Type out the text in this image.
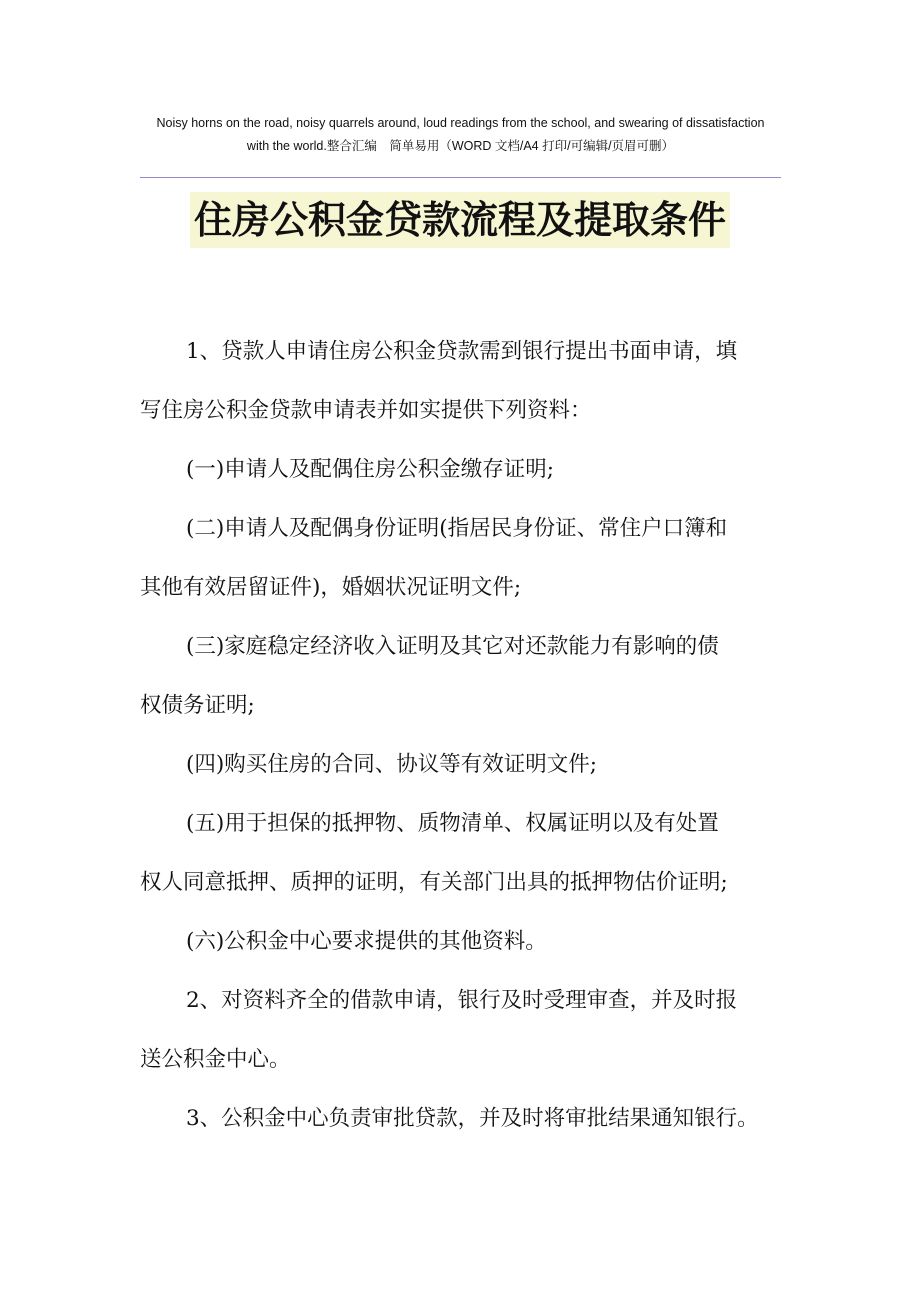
Noisy horns on the road, noisy quarrels around, loud readings from the school, and swearing of dissatisfaction
with the world.整合汇编　简单易用（WORD 文档/A4 打印/可编辑/页眉可删）
住房公积金贷款流程及提取条件
1、贷款人申请住房公积金贷款需到银行提出书面申请，填
写住房公积金贷款申请表并如实提供下列资料：
(一)申请人及配偶住房公积金缴存证明;
(二)申请人及配偶身份证明(指居民身份证、常住户口簿和
其他有效居留证件)，婚姻状况证明文件;
(三)家庭稳定经济收入证明及其它对还款能力有影响的债
权债务证明;
(四)购买住房的合同、协议等有效证明文件;
(五)用于担保的抵押物、质物清单、权属证明以及有处置
权人同意抵押、质押的证明，有关部门出具的抵押物估价证明;
(六)公积金中心要求提供的其他资料。
2、对资料齐全的借款申请，银行及时受理审查，并及时报
送公积金中心。
3、公积金中心负责审批贷款，并及时将审批结果通知银行。
